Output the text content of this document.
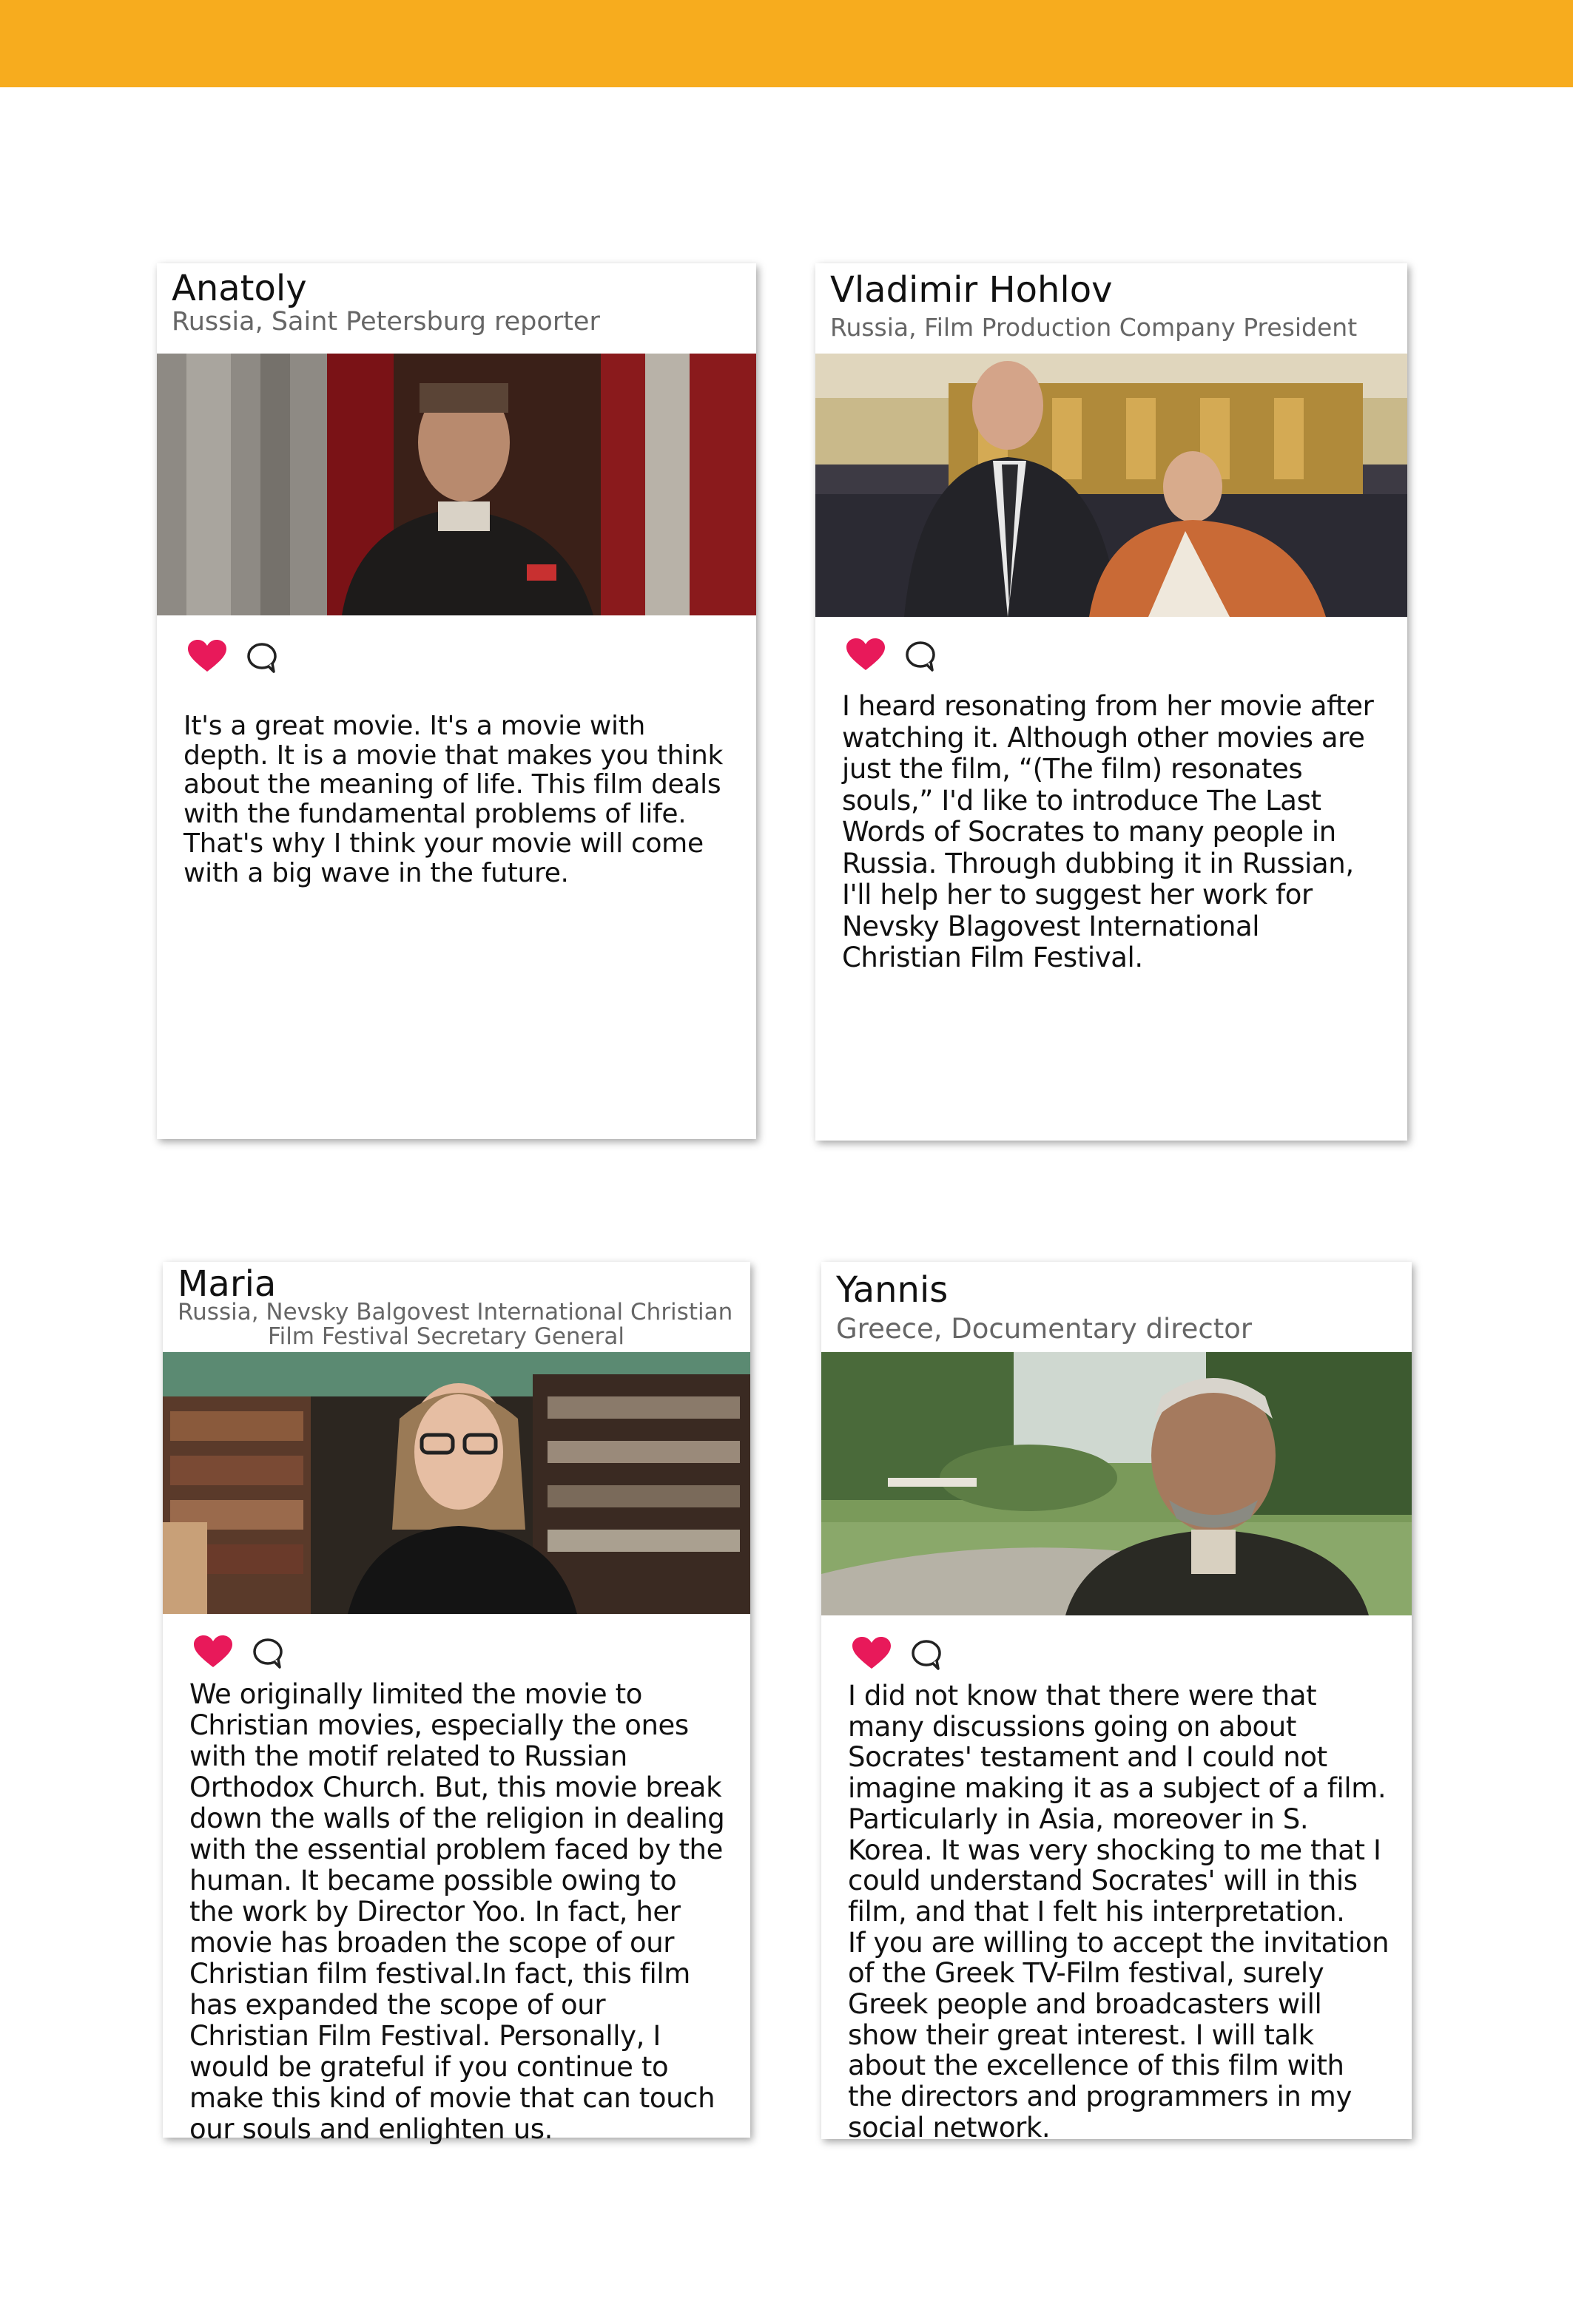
Anatoly
Russia, Saint Petersburg reporter
It's a great movie. It's a movie with depth. It is a movie that makes you think about the meaning of life. This film deals with the fundamental problems of life. That's why I think your movie will come with a big wave in the future.
Vladimir Hohlov
Russia, Film Production Company President
I heard resonating from her movie after watching it. Although other movies are just the film, “(The film) resonates souls,” I'd like to introduce The Last Words of Socrates to many people in Russia. Through dubbing it in Russian, I'll help her to suggest her work for Nevsky Blagovest International Christian Film Festival.
Maria
Russia, Nevsky Balgovest International Christian
Film Festival Secretary General
We originally limited the movie to Christian movies, especially the ones with the motif related to Russian Orthodox Church. But, this movie break down the walls of the religion in dealing with the essential problem faced by the human. It became possible owing to the work by Director Yoo. In fact, her movie has broaden the scope of our Christian film festival.In fact, this film has expanded the scope of our Christian Film Festival. Personally, I would be grateful if you continue to make this kind of movie that can touch our souls and enlighten us.
Yannis
Greece, Documentary director

I did not know that there were that many discussions going on about Socrates' testament and I could not imagine making it as a subject of a film.

Particularly in Asia, moreover in S. Korea. It was very shocking to me that I could understand Socrates' will in this film, and that I felt his interpretation.

If you are willing to accept the invitation of the Greek TV-Film festival, surely Greek people and broadcasters will show their great interest. I will talk about the excellence of this film with the directors and programmers in my social network.
